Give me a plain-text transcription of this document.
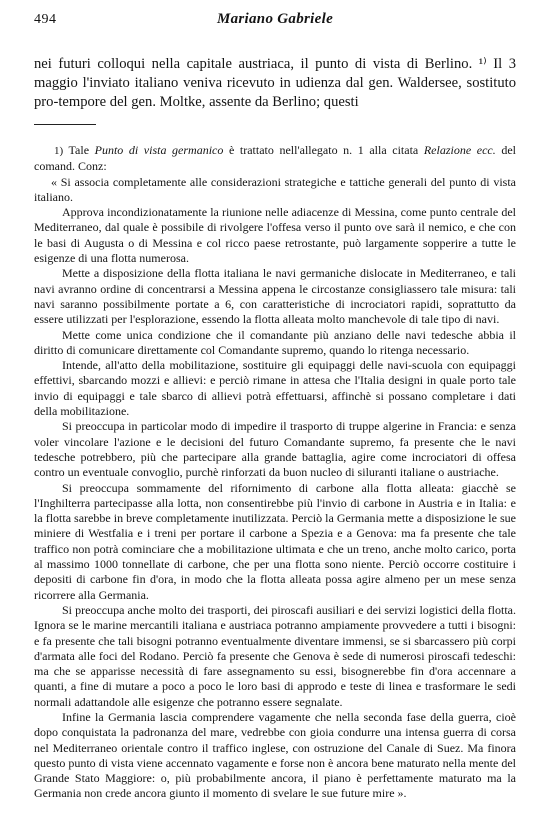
494	Mariano Gabriele

nei futuri colloqui nella capitale austriaca, il punto di vista di Berlino. ¹⁾ Il 3 maggio l'inviato italiano veniva ricevuto in udienza dal gen. Waldersee, sostituto pro-tempore del gen. Moltke, assente da Berlino; questi

1) Tale Punto di vista germanico è trattato nell'allegato n. 1 alla citata Relazione ecc. del comand. Conz:

« Si associa completamente alle considerazioni strategiche e tattiche generali del punto di vista italiano.

Approva incondizionatamente la riunione nelle adiacenze di Messina, come punto centrale del Mediterraneo, dal quale è possibile di rivolgere l'offesa verso il punto ove sarà il nemico, e che con le basi di Augusta o di Messina e col ricco paese retrostante, può largamente sopperire a tutte le esigenze di una flotta numerosa.

Mette a disposizione della flotta italiana le navi germaniche dislocate in Mediterraneo, e tali navi avranno ordine di concentrarsi a Messina appena le circostanze consigliassero tale misura: tali navi saranno possibilmente portate a 6, con caratteristiche di incrociatori rapidi, soprattutto da essere utilizzati per l'esplorazione, essendo la flotta alleata molto manchevole di tale tipo di navi.

Mette come unica condizione che il comandante più anziano delle navi tedesche abbia il diritto di comunicare direttamente col Comandante supremo, quando lo ritenga necessario.

Intende, all'atto della mobilitazione, sostituire gli equipaggi delle navi-scuola con equipaggi effettivi, sbarcando mozzi e allievi: e perciò rimane in attesa che l'Italia designi in quale porto tale invio di equipaggi e tale sbarco di allievi potrà effettuarsi, affinchè si possano completare i dati della mobilitazione.

Si preoccupa in particolar modo di impedire il trasporto di truppe algerine in Francia: e senza voler vincolare l'azione e le decisioni del futuro Comandante supremo, fa presente che le navi tedesche potrebbero, più che partecipare alla grande battaglia, agire come incrociatori di offesa contro un eventuale convoglio, purchè rinforzati da buon nucleo di siluranti italiane o austriache.

Si preoccupa sommamente del rifornimento di carbone alla flotta alleata: giacchè se l'Inghilterra partecipasse alla lotta, non consentirebbe più l'invio di carbone in Austria e in Italia: e la flotta sarebbe in breve completamente inutilizzata. Perciò la Germania mette a disposizione le sue miniere di Westfalia e i treni per portare il carbone a Spezia e a Genova: ma fa presente che tale traffico non potrà cominciare che a mobilitazione ultimata e che un treno, anche molto carico, porta al massimo 1000 tonnellate di carbone, che per una flotta sono niente. Perciò occorre costituire i depositi di carbone fin d'ora, in modo che la flotta alleata possa agire almeno per un mese senza ricorrere alla Germania.

Si preoccupa anche molto dei trasporti, dei piroscafi ausiliari e dei servizi logistici della flotta. Ignora se le marine mercantili italiana e austriaca potranno ampiamente provvedere a tutti i bisogni: e fa presente che tali bisogni potranno eventualmente diventare immensi, se si sbarcassero più corpi d'armata alle foci del Rodano. Perciò fa presente che Genova è sede di numerosi piroscafi tedeschi: ma che se apparisse necessità di fare assegnamento su essi, bisognerebbe fin d'ora accennare a quanti, a fine di mutare a poco a poco le loro basi di approdo e teste di linea e trasformare le sedi normali adattandole alle esigenze che potranno essere segnalate.

Infine la Germania lascia comprendere vagamente che nella seconda fase della guerra, cioè dopo conquistata la padronanza del mare, vedrebbe con gioia condurre una intensa guerra di corsa nel Mediterraneo orientale contro il traffico inglese, con ostruzione del Canale di Suez. Ma finora questo punto di vista viene accennato vagamente e forse non è ancora bene maturato nella mente del Grande Stato Maggiore: o, più probabilmente ancora, il piano è perfettamente maturato ma la Germania non crede ancora giunto il momento di svelare le sue future mire ».
